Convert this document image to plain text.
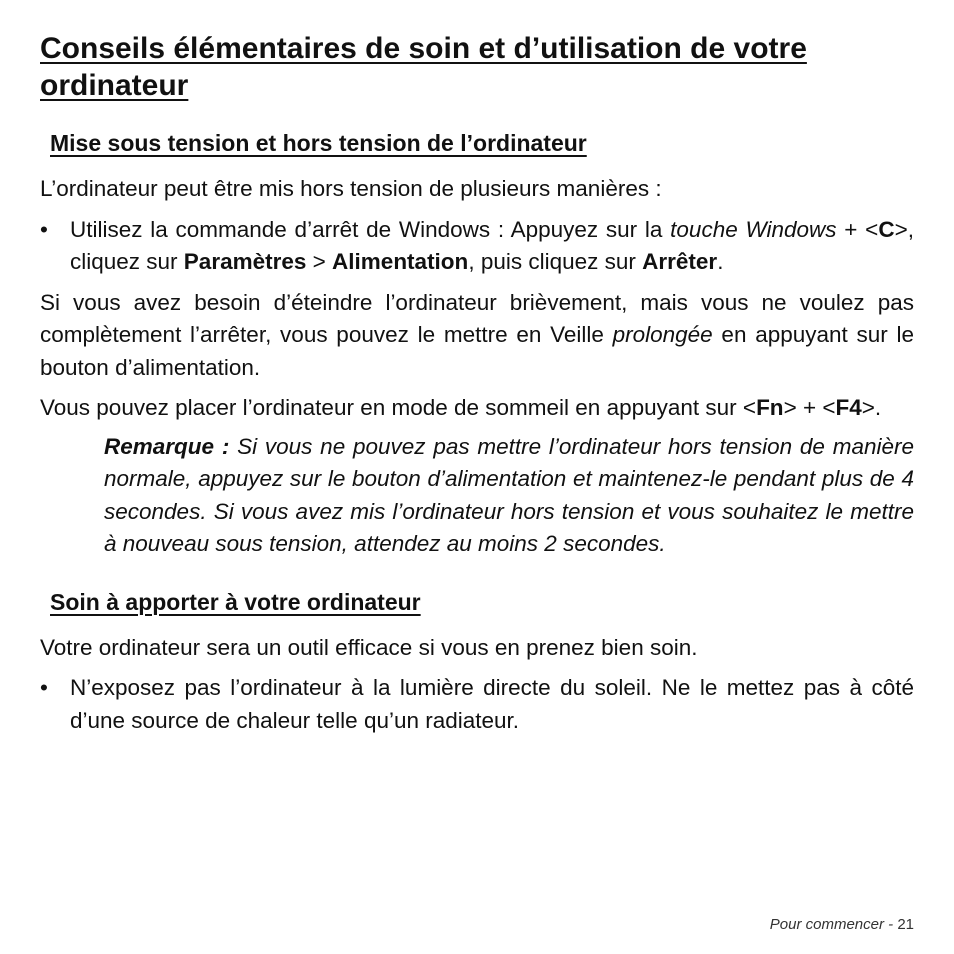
Conseils élémentaires de soin et d’utilisation de votre ordinateur
Mise sous tension et hors tension de l’ordinateur

L’ordinateur peut être mis hors tension de plusieurs manières :

• Utilisez la commande d’arrêt de Windows : Appuyez sur la touche Windows + <C>, cliquez sur Paramètres > Alimentation, puis cliquez sur Arrêter.

Si vous avez besoin d’éteindre l’ordinateur brièvement, mais vous ne voulez pas complètement l’arrêter, vous pouvez le mettre en Veille prolongée en appuyant sur le bouton d’alimentation.

Vous pouvez placer l’ordinateur en mode de sommeil en appuyant sur <Fn> + <F4>.

Remarque : Si vous ne pouvez pas mettre l’ordinateur hors tension de manière normale, appuyez sur le bouton d’alimentation et maintenez-le pendant plus de 4 secondes. Si vous avez mis l’ordinateur hors tension et vous souhaitez le mettre à nouveau sous tension, attendez au moins 2 secondes.

Soin à apporter à votre ordinateur

Votre ordinateur sera un outil efficace si vous en prenez bien soin.

• N’exposez pas l’ordinateur à la lumière directe du soleil. Ne le mettez pas à côté d’une source de chaleur telle qu’un radiateur.

Pour commencer - 21
